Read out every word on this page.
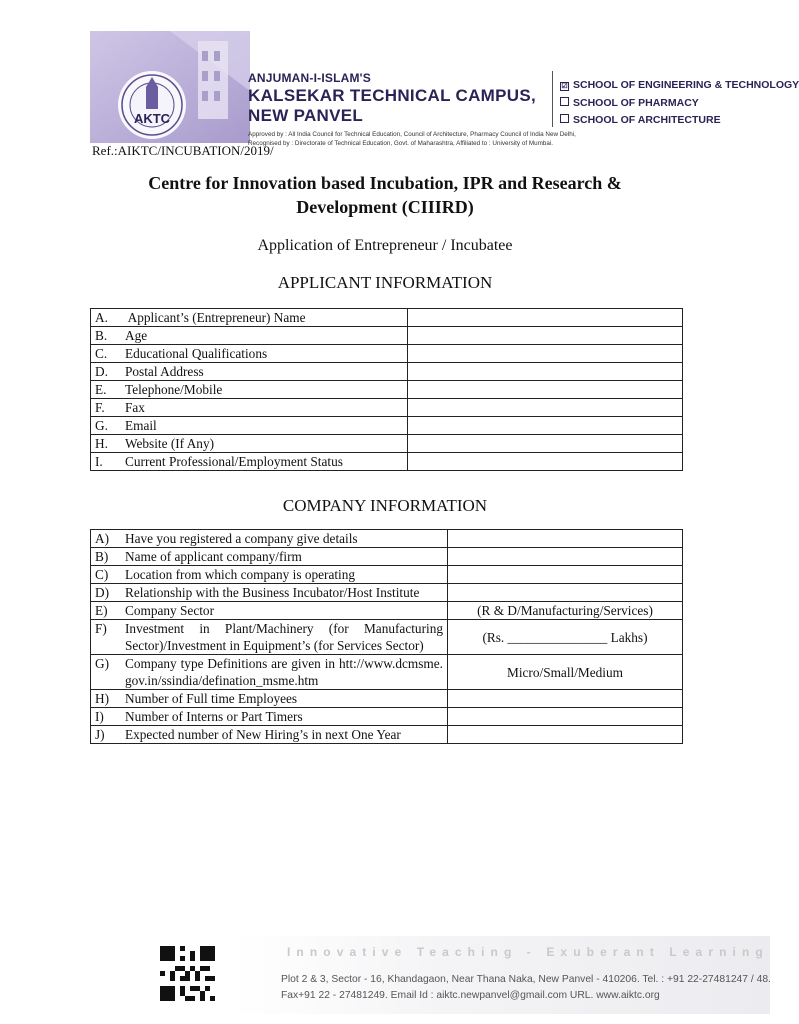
AKTC
ANJUMAN-I-ISLAM'S
KALSEKAR TECHNICAL CAMPUS, NEW PANVEL
Approved by : All India Council for Technical Education, Council of Architecture, Pharmacy Council of India New Delhi,
Recognised by : Directorate of Technical Education, Govt. of Maharashtra, Affiliated to : University of Mumbai.
☑ SCHOOL OF ENGINEERING & TECHNOLOGY
SCHOOL OF PHARMACY
SCHOOL OF ARCHITECTURE
Ref.:AIKTC/INCUBATION/2019/
Centre for Innovation based Incubation, IPR and Research &
Development (CIIIRD)
Application of Entrepreneur / Incubatee
APPLICANT INFORMATION
A. Applicant’s (Entrepreneur) Name	
B. Age	
C. Educational Qualifications	
D. Postal Address	
E. Telephone/Mobile	
F. Fax	
G. Email	
H. Website (If Any)	
I. Current Professional/Employment Status	
COMPANY INFORMATION
A) Have you registered a company give details	

B) Name of applicant company/firm	

C) Location from which company is operating	

D) Relationship with the Business Incubator/Host Institute	

E) Company Sector	(R & D/Manufacturing/Services)

F) Investment in Plant/Machinery (for Manufacturing Sector)/Investment in Equipment’s (for Services Sector)	(Rs. _______________ Lakhs)

G) Company type Definitions are given in htt://www.dcmsme.gov.in/ssindia/defination_msme.htm	Micro/Small/Medium

H) Number of Full time Employees	

I) Number of Interns or Part Timers	

J) Expected number of New Hiring’s in next One Year	

Innovative Teaching - Exuberant Learning
Plot 2 & 3, Sector - 16, Khandagaon, Near Thana Naka, New Panvel - 410206. Tel. : +91 22-27481247 / 48.
Fax+91 22 - 27481249. Email Id : aiktc.newpanvel@gmail.com URL. www.aiktc.org
